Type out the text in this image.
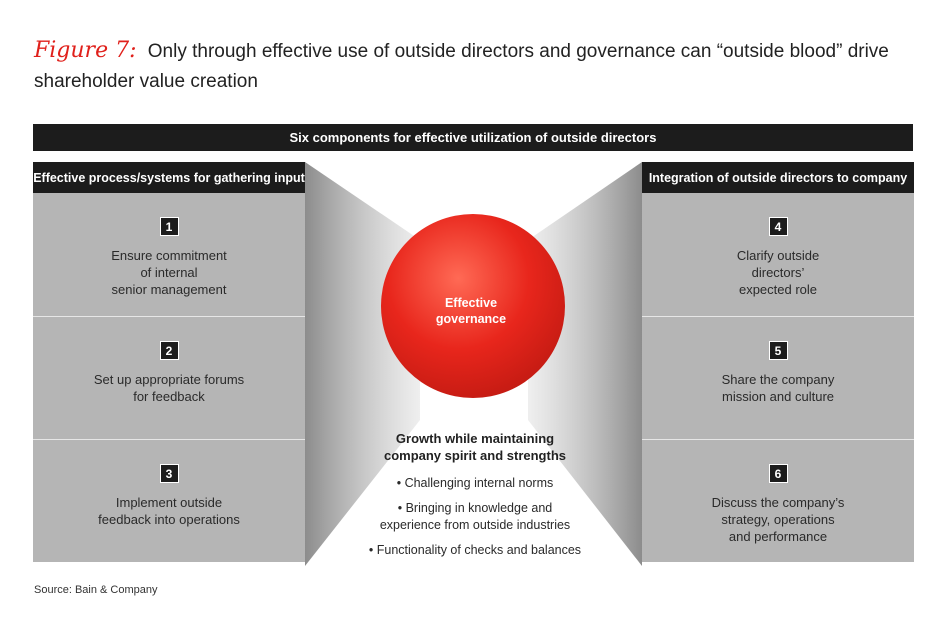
Figure 7: Only through effective use of outside directors and governance can “outside blood” drive shareholder value creation
Six components for effective utilization of outside directors
Effective process/systems for gathering input
1
Ensure commitment
of internal
senior management
2
Set up appropriate forums
for feedback
3
Implement outside
feedback into operations
Integration of outside directors to company
4
Clarify outside
directors’
expected role
5
Share the company
mission and culture
6
Discuss the company’s
strategy, operations
and performance
Effective
governance
Growth while maintaining
company spirit and strengths
• Challenging internal norms
• Bringing in knowledge and
experience from outside industries
• Functionality of checks and balances
Source: Bain & Company
